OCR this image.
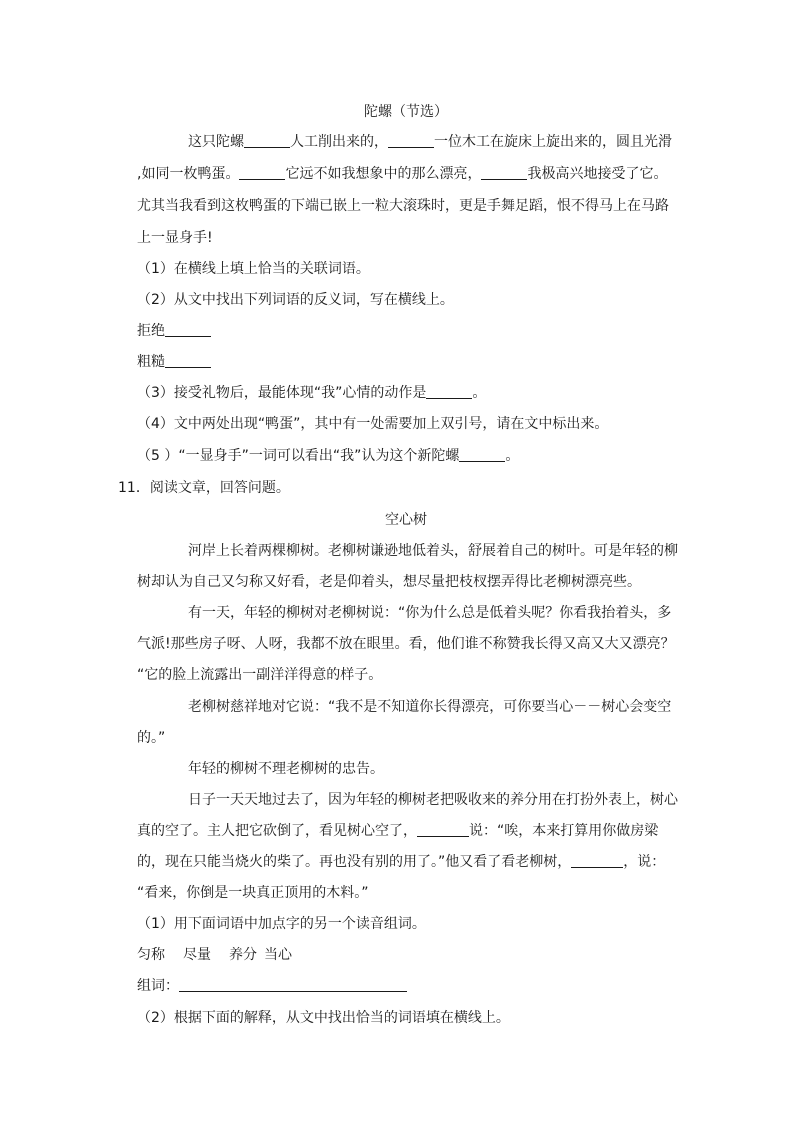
陀螺（节选）
这只陀螺	人工削出来的，	一位木工在旋床上旋出来的，圆且光滑
,如同一枚鸭蛋。	它远不如我想象中的那么漂亮，	我极高兴地接受了它。
尤其当我看到这枚鸭蛋的下端已嵌上一粒大滚珠时，更是手舞足蹈，恨不得马上在马路
上一显身手!
（1）在横线上填上恰当的关联词语。
（2）从文中找出下列词语的反义词，写在横线上。
拒绝
粗糙
（3）接受礼物后，最能体现“我”心情的动作是	。
（4）文中两处出现“鸭蛋”，其中有一处需要加上双引号，请在文中标出来。
（5 ）“一显身手”一词可以看出“我”认为这个新陀螺	。
11．阅读文章，回答问题。
空心树
河岸上长着两棵柳树。老柳树谦逊地低着头，舒展着自己的树叶。可是年轻的柳
树却认为自己又匀称又好看，老是仰着头，想尽量把枝杈摆弄得比老柳树漂亮些。
有一天，年轻的柳树对老柳树说：“你为什么总是低着头呢？你看我抬着头，多
气派!那些房子呀、人呀，我都不放在眼里。看，他们谁不称赞我长得又高又大又漂亮？
“它的脸上流露出一副洋洋得意的样子。
老柳树慈祥地对它说：“我不是不知道你长得漂亮，可你要当心－－树心会变空
的。”
年轻的柳树不理老柳树的忠告。
日子一天天地过去了，因为年轻的柳树老把吸收来的养分用在打扮外表上，树心
真的空了。主人把它砍倒了，看见树心空了，	说：“唉，本来打算用你做房梁
的，现在只能当烧火的柴了。再也没有别的用了。”他又看了看老柳树，	，说：
“看来，你倒是一块真正顶用的木料。”
（1）用下面词语中加点字的另一个读音组词。
匀称 尽量 养分 当心
组词：
（2）根据下面的解释，从文中找出恰当的词语填在横线上。
